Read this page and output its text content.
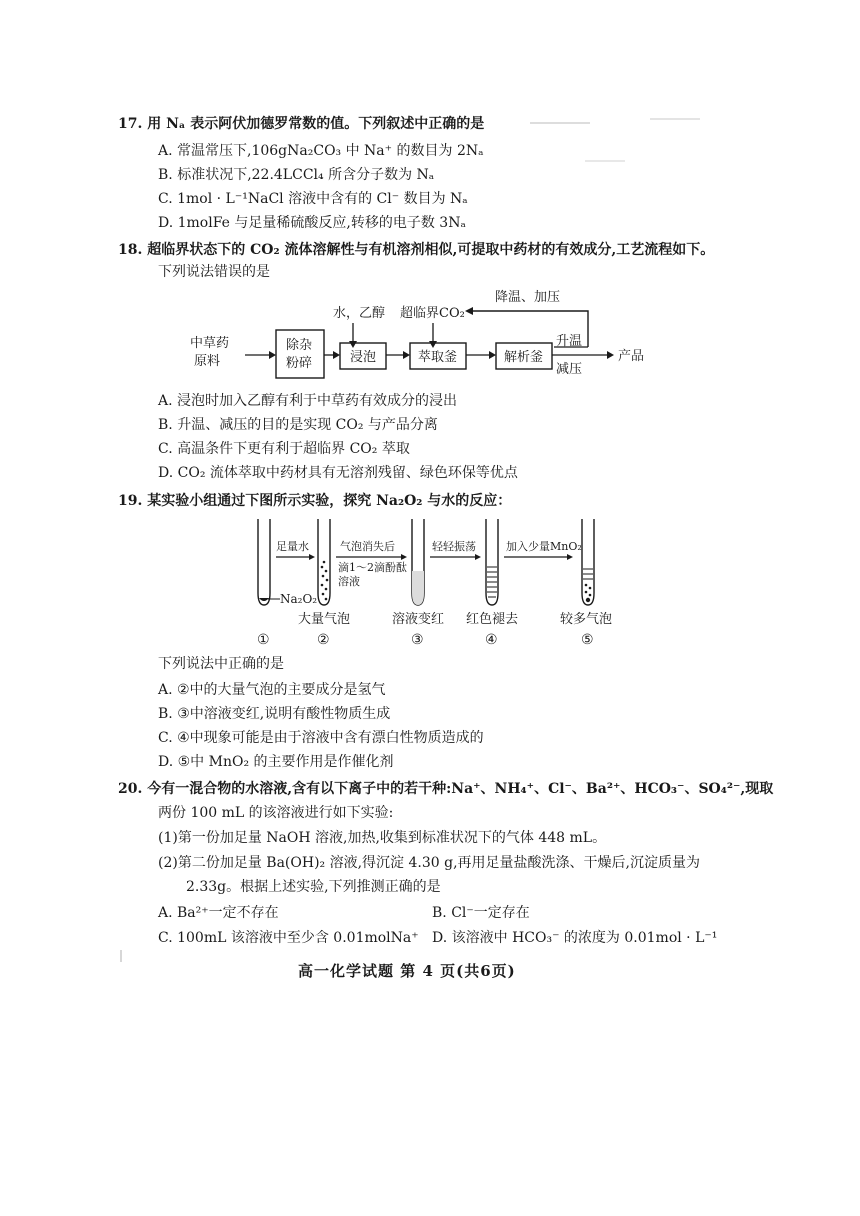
17. 用 Nₐ 表示阿伏加德罗常数的值。下列叙述中正确的是
A. 常温常压下,106gNa₂CO₃ 中 Na⁺ 的数目为 2Nₐ
B. 标准状况下,22.4LCCl₄ 所含分子数为 Nₐ
C. 1mol · L⁻¹NaCl 溶液中含有的 Cl⁻ 数目为 Nₐ
D. 1molFe 与足量稀硫酸反应,转移的电子数 3Nₐ
18. 超临界状态下的 CO₂ 流体溶解性与有机溶剂相似,可提取中药材的有效成分,工艺流程如下。
下列说法错误的是
降温、加压
水，乙醇 超临界CO₂
中草药
原料
除杂
粉碎	浸泡	萃取釜	解析釜
升温
减压
产品
A. 浸泡时加入乙醇有利于中草药有效成分的浸出
B. 升温、减压的目的是实现 CO₂ 与产品分离
C. 高温条件下更有利于超临界 CO₂ 萃取
D. CO₂ 流体萃取中药材具有无溶剂残留、绿色环保等优点
19. 某实验小组通过下图所示实验，探究 Na₂O₂ 与水的反应：
Na₂O₂
足量水	气泡消失后
滴1～2滴酚酞
溶液
轻轻振荡	加入少量MnO₂
大量气泡	溶液变红 红色褪去	较多气泡
①	②	③	④	⑤
下列说法中正确的是
A. ②中的大量气泡的主要成分是氢气
B. ③中溶液变红,说明有酸性物质生成
C. ④中现象可能是由于溶液中含有漂白性物质造成的
D. ⑤中 MnO₂ 的主要作用是作催化剂
20. 今有一混合物的水溶液,含有以下离子中的若干种:Na⁺、NH₄⁺、Cl⁻、Ba²⁺、HCO₃⁻、SO₄²⁻,现取
两份 100 mL 的该溶液进行如下实验:
(1)第一份加足量 NaOH 溶液,加热,收集到标准状况下的气体 448 mL。
(2)第二份加足量 Ba(OH)₂ 溶液,得沉淀 4.30 g,再用足量盐酸洗涤、干燥后,沉淀质量为
2.33g。根据上述实验,下列推测正确的是
A. Ba²⁺一定不存在	B. Cl⁻一定存在
C. 100mL 该溶液中至少含 0.01molNa⁺ D. 该溶液中 HCO₃⁻ 的浓度为 0.01mol · L⁻¹
高一化学试题 第 4 页(共6页)
